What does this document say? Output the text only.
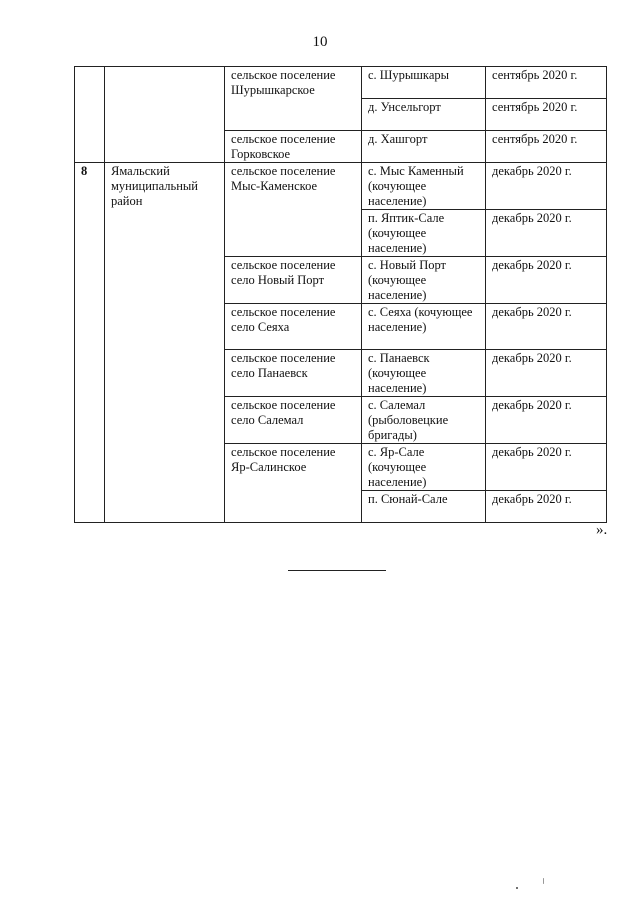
10
		сельское поселение Шурышкарское	с. Шурышкары	сентябрь 2020 г.
			д. Унсельгорт	сентябрь 2020 г.
		сельское поселение Горковское	д. Хашгорт	сентябрь 2020 г.
8	Ямальский муниципальный район	сельское поселение Мыс-Каменское	с. Мыс Каменный (кочующее население)	декабрь 2020 г.
			п. Яптик-Сале (кочующее население)	декабрь 2020 г.
		сельское поселение село Новый Порт	с. Новый Порт (кочующее население)	декабрь 2020 г.
		сельское поселение село Сеяха	с. Сеяха (кочующее население)	декабрь 2020 г.
		сельское поселение село Панаевск	с. Панаевск (кочующее население)	декабрь 2020 г.
		сельское поселение село Салемал	с. Салемал (рыболовецкие бригады)	декабрь 2020 г.
		сельское поселение Яр-Салинское	с. Яр-Сале (кочующее население)	декабрь 2020 г.
			п. Сюнай-Сале	декабрь 2020 г.
».
